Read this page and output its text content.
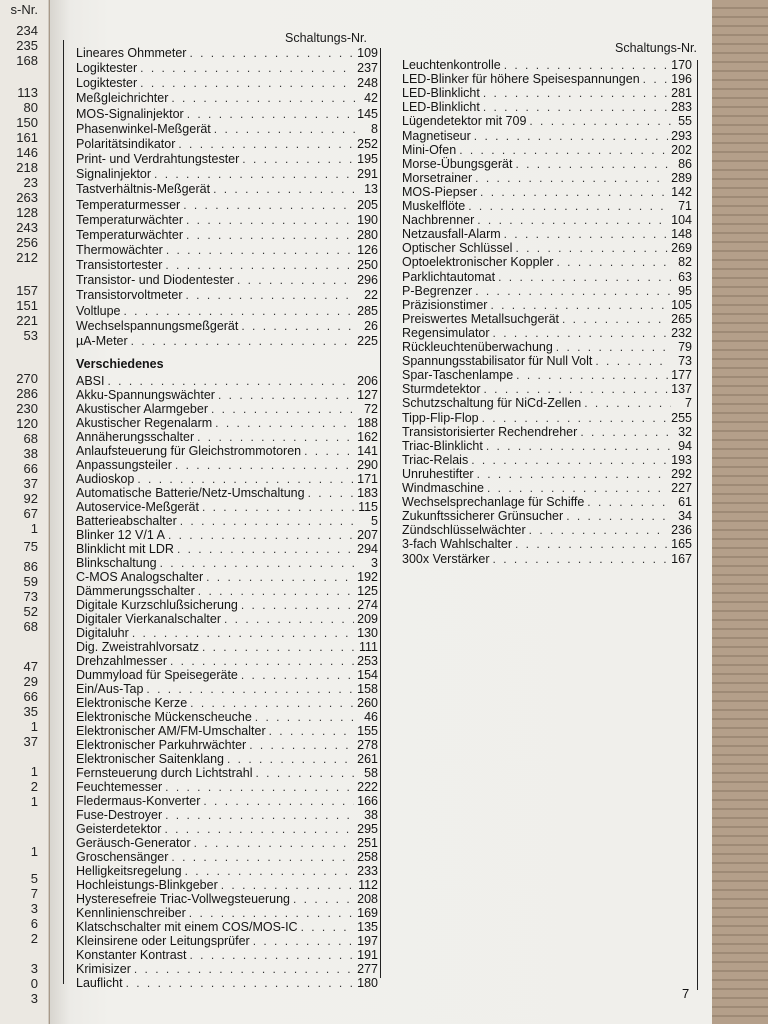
s-Nr.
234
235
168
113
80
150
161
146
218
23
263
128
243
256
212
157
151
221
53
270
286
230
120
68
38
66
37
92
67
1
75
86
59
73
52
68
47
29
66
35
1
37
1
2
1
1
5
7
3
6
2
3
0
3
Schaltungs-Nr.
Schaltungs-Nr.
Lineares Ohmmeter . . .	109
Logiktester . . .	237
Logiktester . . .	248
Meßgleichrichter . . .	42
MOS-Signalinjektor . . .	145
Phasenwinkel-Meßgerät . . .	8
Polaritätsindikator . . .	252
Print- und Verdrahtungstester . . .	195
Signalinjektor . . .	291
Tastverhältnis-Meßgerät . . .	13
Temperaturmesser . . .	205
Temperaturwächter . . .	190
Temperaturwächter . . .	280
Thermowächter . . .	126
Transistortester . . .	250
Transistor- und Diodentester . . .	296
Transistorvoltmeter . . .	22
Voltlupe . . .	285
Wechselspannungsmeßgerät . . .	26
µA-Meter . . .	225
Verschiedenes
ABSI . . .	206
Akku-Spannungswächter . . .	127
Akustischer Alarmgeber . . .	72
Akustischer Regenalarm . . .	188
Annäherungsschalter . . .	162
Anlaufsteuerung für Gleichstrommotoren . . .	141
Anpassungsteiler . . .	290
Audioskop . . .	171
Automatische Batterie/Netz-Umschaltung . . .	183
Autoservice-Meßgerät . . .	115
Batterieabschalter . . .	5
Blinker 12 V/1 A . . .	207
Blinklicht mit LDR . . .	294
Blinkschaltung . . .	3
C-MOS Analogschalter . . .	192
Dämmerungsschalter . . .	125
Digitale Kurzschlußsicherung . . .	274
Digitaler Vierkanalschalter . . .	209
Digitaluhr . . .	130
Dig. Zweistrahlvorsatz . . .	111
Drehzahlmesser . . .	253
Dummyload für Speisegeräte . . .	154
Ein/Aus-Tap . . .	158
Elektronische Kerze . . .	260
Elektronische Mückenscheuche . . .	46
Elektronischer AM/FM-Umschalter . . .	155
Elektronischer Parkuhrwächter . . .	278
Elektronischer Saitenklang . . .	261
Fernsteuerung durch Lichtstrahl . . .	58
Feuchtemesser . . .	222
Fledermaus-Konverter . . .	166
Fuse-Destroyer . . .	38
Geisterdetektor . . .	295
Geräusch-Generator . . .	251
Groschensänger . . .	258
Helligkeitsregelung . . .	233
Hochleistungs-Blinkgeber . . .	112
Hysteresefreie Triac-Vollwegsteuerung . . .	208
Kennlinienschreiber . . .	169
Klatschschalter mit einem COS/MOS-IC . . .	135
Kleinsirene oder Leitungsprüfer . . .	197
Konstanter Kontrast . . .	191
Krimisizer . . .	277
Lauflicht . . .	180
Leuchtenkontrolle . . .	170
LED-Blinker für höhere Speisespannungen . . .	196
LED-Blinklicht . . .	281
LED-Blinklicht . . .	283
Lügendetektor mit 709 . . .	55
Magnetiseur . . .	293
Mini-Ofen . . .	202
Morse-Übungsgerät . . .	86
Morsetrainer . . .	289
MOS-Piepser . . .	142
Muskelflöte . . .	71
Nachbrenner . . .	104
Netzausfall-Alarm . . .	148
Optischer Schlüssel . . .	269
Optoelektronischer Koppler . . .	82
Parklichtautomat . . .	63
P-Begrenzer . . .	95
Präzisionstimer . . .	105
Preiswertes Metallsuchgerät . . .	265
Regensimulator . . .	232
Rückleuchtenüberwachung . . .	79
Spannungsstabilisator für Null Volt . . .	73
Spar-Taschenlampe . . .	177
Sturmdetektor . . .	137
Schutzschaltung für NiCd-Zellen . . .	7
Tipp-Flip-Flop . . .	255
Transistorisierter Rechendreher . . .	32
Triac-Blinklicht . . .	94
Triac-Relais . . .	193
Unruhestifter . . .	292
Windmaschine . . .	227
Wechselsprechanlage für Schiffe . . .	61
Zukunftssicherer Grünsucher . . .	34
Zündschlüsselwächter . . .	236
3-fach Wahlschalter . . .	165
300x Verstärker . . .	167
7
